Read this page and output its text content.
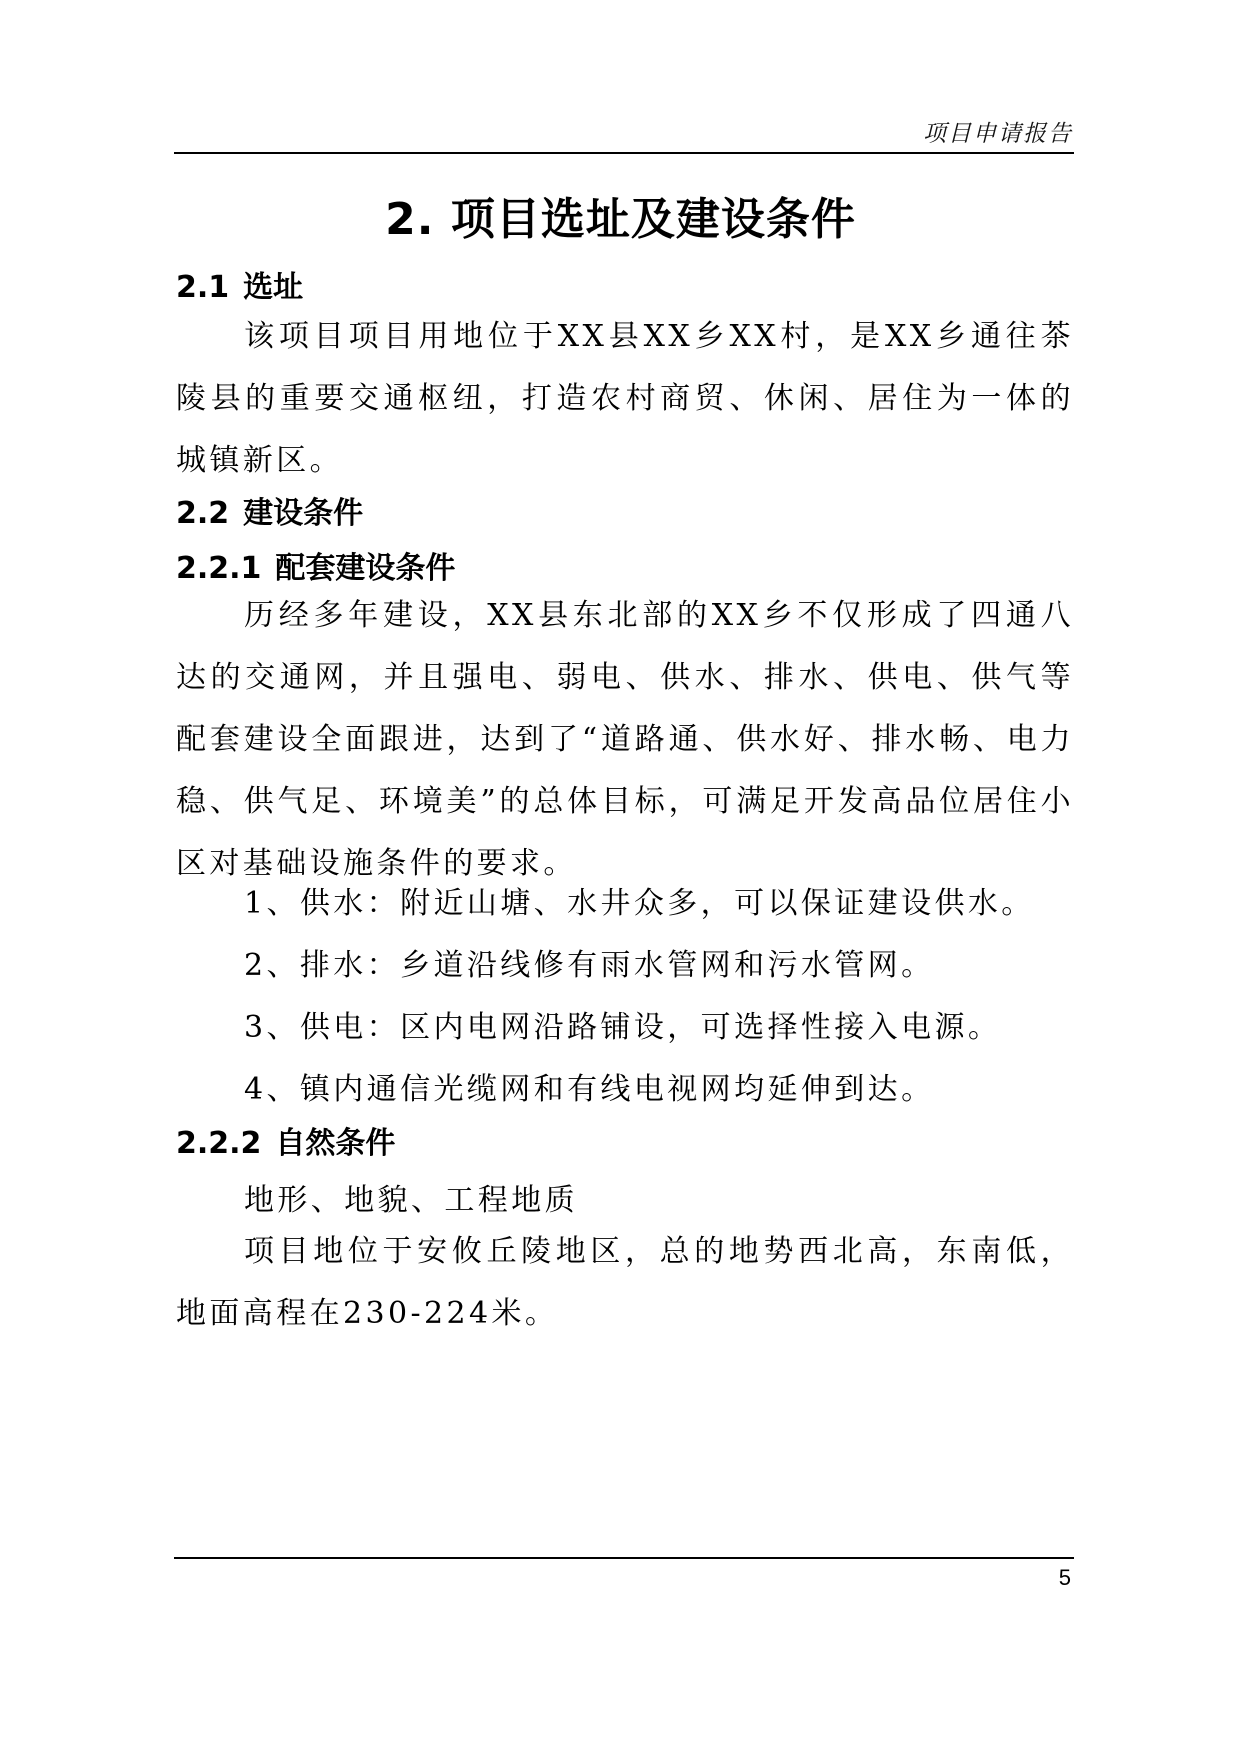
项目申请报告
2. 项目选址及建设条件
2.1 选址

该项目项目用地位于XX县XX乡XX村，是XX乡通往茶陵县的重要交通枢纽，打造农村商贸、休闲、居住为一体的城镇新区。

2.2 建设条件
2.2.1 配套建设条件

历经多年建设，XX县东北部的XX乡不仅形成了四通八达的交通网，并且强电、弱电、供水、排水、供电、供气等配套建设全面跟进，达到了“道路通、供水好、排水畅、电力稳、供气足、环境美”的总体目标，可满足开发高品位居住小区对基础设施条件的要求。

1、供水：附近山塘、水井众多，可以保证建设供水。
2、排水：乡道沿线修有雨水管网和污水管网。
3、供电：区内电网沿路铺设，可选择性接入电源。
4、镇内通信光缆网和有线电视网均延伸到达。
2.2.2 自然条件
地形、地貌、工程地质

项目地位于安攸丘陵地区，总的地势西北高，东南低，地面高程在230-224米。

5
